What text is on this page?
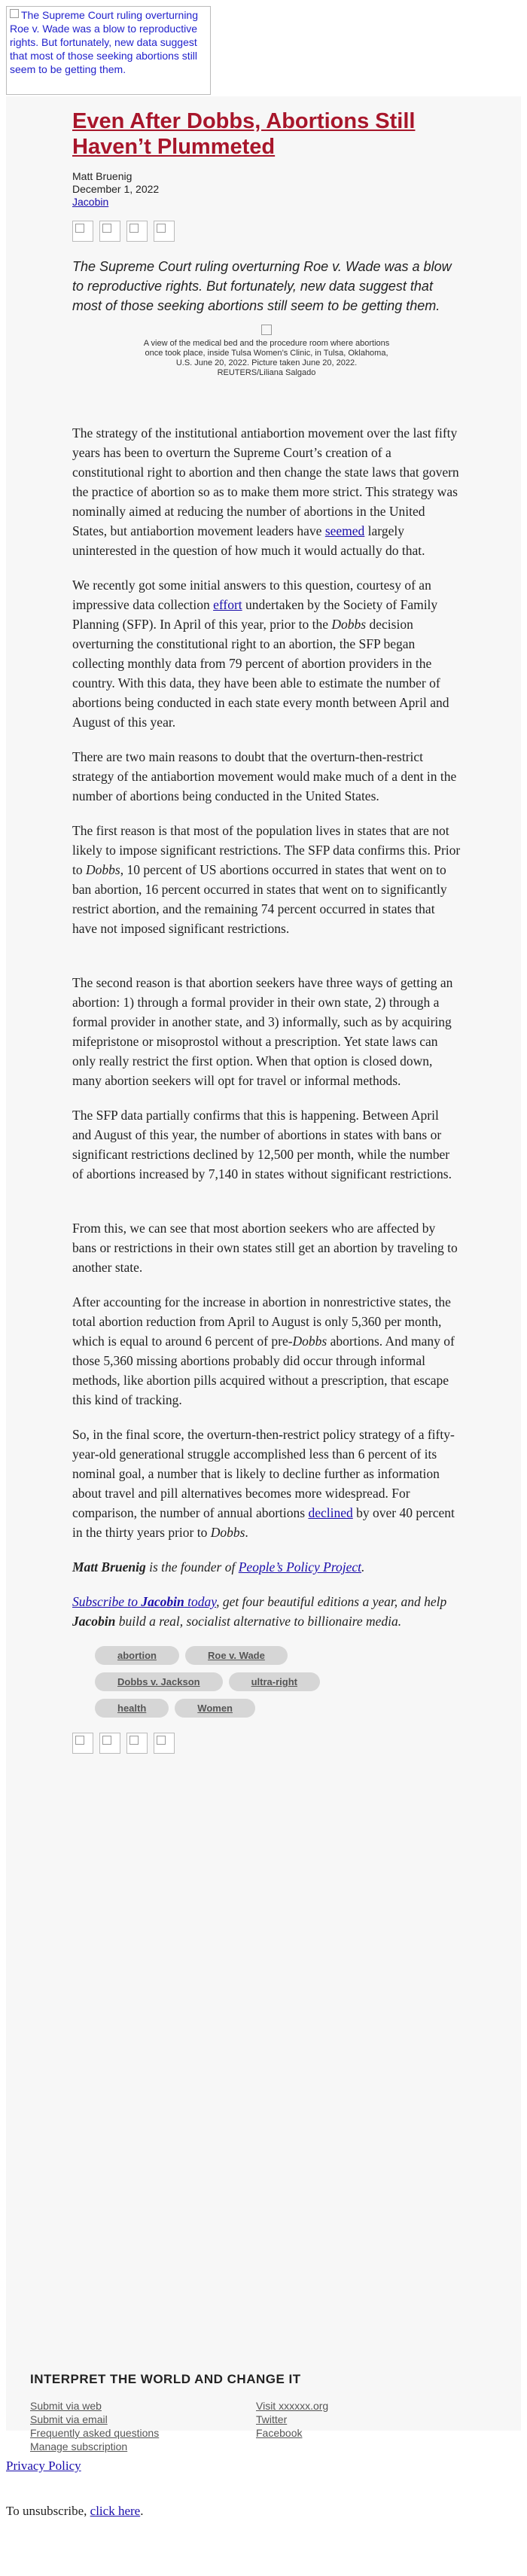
The Supreme Court ruling overturning Roe v. Wade was a blow to reproductive rights. But fortunately, new data suggest that most of those seeking abortions still seem to be getting them.
Even After Dobbs, Abortions Still Haven’t Plummeted
Matt Bruenig
December 1, 2022
Jacobin

The Supreme Court ruling overturning Roe v. Wade was a blow to reproductive rights. But fortunately, new data suggest that most of those seeking abortions still seem to be getting them.

A view of the medical bed and the procedure room where abortions once took place, inside Tulsa Women’s Clinic, in Tulsa, Oklahoma, U.S. June 20, 2022. Picture taken June 20, 2022. REUTERS/Liliana Salgado

The strategy of the institutional antiabortion movement over the last fifty years has been to overturn the Supreme Court’s creation of a constitutional right to abortion and then change the state laws that govern the practice of abortion so as to make them more strict. This strategy was nominally aimed at reducing the number of abortions in the United States, but antiabortion movement leaders have seemed largely uninterested in the question of how much it would actually do that.

We recently got some initial answers to this question, courtesy of an impressive data collection effort undertaken by the Society of Family Planning (SFP). In April of this year, prior to the Dobbs decision overturning the constitutional right to an abortion, the SFP began collecting monthly data from 79 percent of abortion providers in the country. With this data, they have been able to estimate the number of abortions being conducted in each state every month between April and August of this year.

There are two main reasons to doubt that the overturn-then-restrict strategy of the antiabortion movement would make much of a dent in the number of abortions being conducted in the United States.

The first reason is that most of the population lives in states that are not likely to impose significant restrictions. The SFP data confirms this. Prior to Dobbs, 10 percent of US abortions occurred in states that went on to ban abortion, 16 percent occurred in states that went on to significantly restrict abortion, and the remaining 74 percent occurred in states that have not imposed significant restrictions.

The second reason is that abortion seekers have three ways of getting an abortion: 1) through a formal provider in their own state, 2) through a formal provider in another state, and 3) informally, such as by acquiring mifepristone or misoprostol without a prescription. Yet state laws can only really restrict the first option. When that option is closed down, many abortion seekers will opt for travel or informal methods.

The SFP data partially confirms that this is happening. Between April and August of this year, the number of abortions in states with bans or significant restrictions declined by 12,500 per month, while the number of abortions increased by 7,140 in states without significant restrictions.

From this, we can see that most abortion seekers who are affected by bans or restrictions in their own states still get an abortion by traveling to another state.

After accounting for the increase in abortion in nonrestrictive states, the total abortion reduction from April to August is only 5,360 per month, which is equal to around 6 percent of pre-Dobbs abortions. And many of those 5,360 missing abortions probably did occur through informal methods, like abortion pills acquired without a prescription, that escape this kind of tracking.

So, in the final score, the overturn-then-restrict policy strategy of a fifty-year-old generational struggle accomplished less than 6 percent of its nominal goal, a number that is likely to decline further as information about travel and pill alternatives becomes more widespread. For comparison, the number of annual abortions declined by over 40 percent in the thirty years prior to Dobbs.

Matt Bruenig is the founder of People’s Policy Project.

Subscribe to Jacobin today, get four beautiful editions a year, and help Jacobin build a real, socialist alternative to billionaire media.

abortion	Roe v. Wade
Dobbs v. Jackson	ultra-right
health	Women
INTERPRET THE WORLD AND CHANGE IT
Submit via web
Submit via email
Frequently asked questions
Manage subscription
Visit xxxxxx.org
Twitter
Facebook
Privacy Policy
To unsubscribe, click here.
